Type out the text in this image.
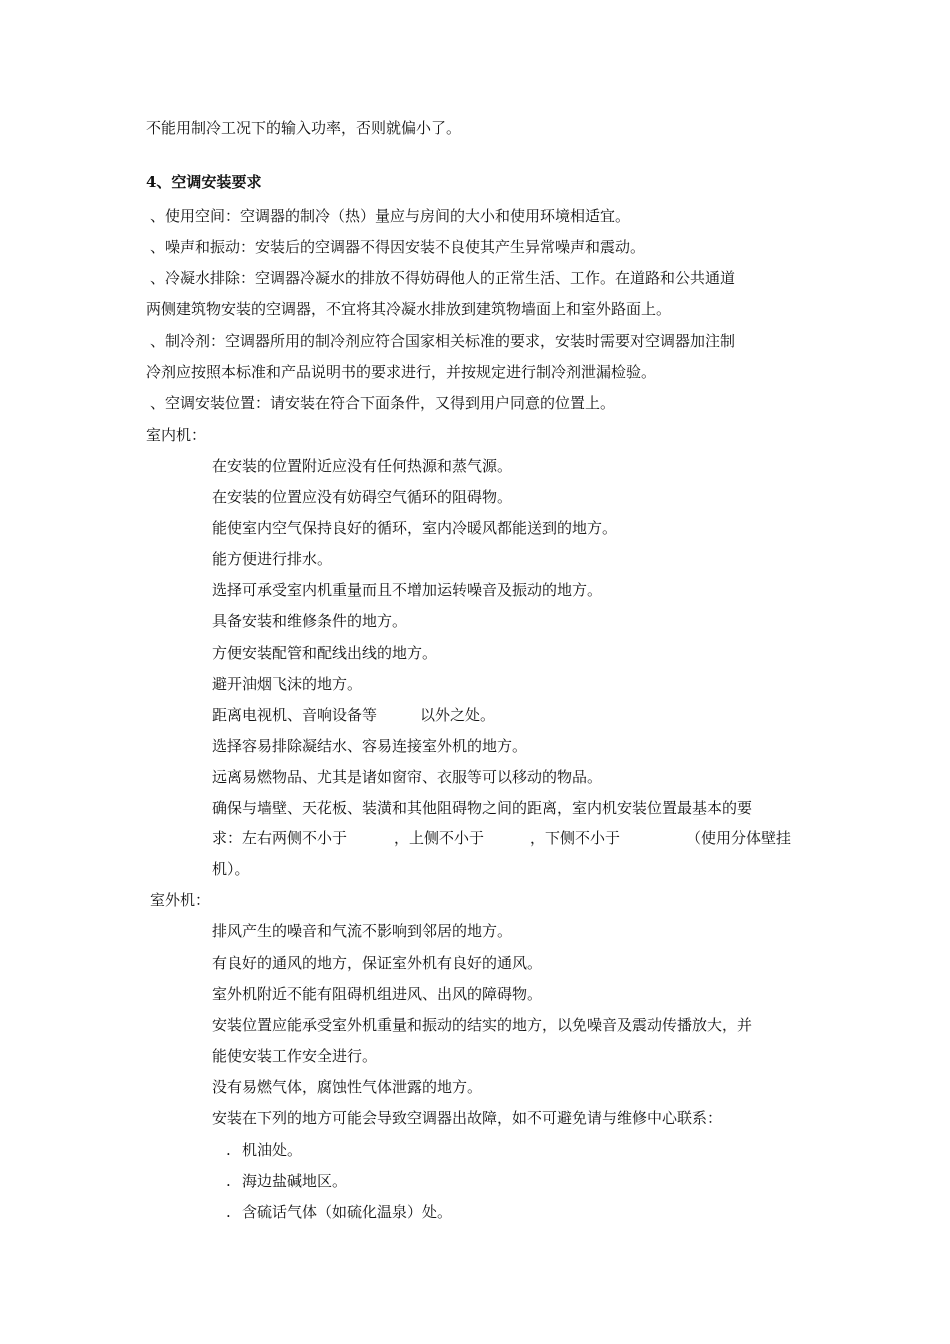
不能用制冷工况下的输入功率，否则就偏小了。
4、空调安装要求
、使用空间：空调器的制冷（热）量应与房间的大小和使用环境相适宜。
、噪声和振动：安装后的空调器不得因安装不良使其产生异常噪声和震动。
、冷凝水排除：空调器冷凝水的排放不得妨碍他人的正常生活、工作。在道路和公共通道
两侧建筑物安装的空调器，不宜将其冷凝水排放到建筑物墙面上和室外路面上。
、制冷剂：空调器所用的制冷剂应符合国家相关标准的要求，安装时需要对空调器加注制
冷剂应按照本标准和产品说明书的要求进行，并按规定进行制冷剂泄漏检验。
、空调安装位置：请安装在符合下面条件，又得到用户同意的位置上。
室内机：
在安装的位置附近应没有任何热源和蒸气源。
在安装的位置应没有妨碍空气循环的阻碍物。
能使室内空气保持良好的循环，室内冷暖风都能送到的地方。
能方便进行排水。
选择可承受室内机重量而且不增加运转噪音及振动的地方。
具备安装和维修条件的地方。
方便安装配管和配线出线的地方。
避开油烟飞沫的地方。
距离电视机、音响设备等	以外之处。
选择容易排除凝结水、容易连接室外机的地方。
远离易燃物品、尤其是诸如窗帘、衣服等可以移动的物品。
确保与墙壁、天花板、装潢和其他阻碍物之间的距离，室内机安装位置最基本的要
求：左右两侧不小于	，上侧不小于	，下侧不小于	（使用分体壁挂
机）。
室外机：
排风产生的噪音和气流不影响到邻居的地方。
有良好的通风的地方，保证室外机有良好的通风。
室外机附近不能有阻碍机组进风、出风的障碍物。
安装位置应能承受室外机重量和振动的结实的地方，以免噪音及震动传播放大，并
能使安装工作安全进行。
没有易燃气体，腐蚀性气体泄露的地方。
安装在下列的地方可能会导致空调器出故障，如不可避免请与维修中心联系：
. 机油处。
. 海边盐碱地区。
. 含硫话气体（如硫化温泉）处。
